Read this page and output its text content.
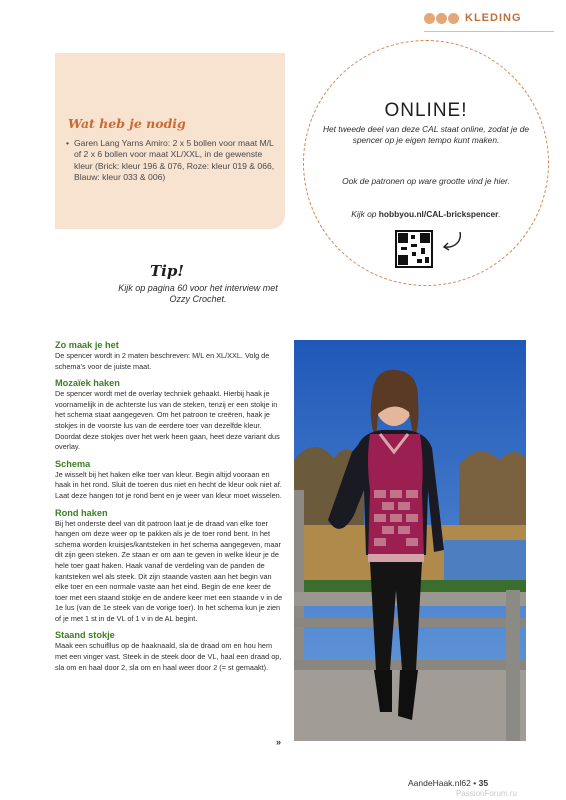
KLEDING
Wat heb je nodig
• Garen Lang Yarns Amiro: 2 x 5 bollen voor maat M/L of 2 x 6 bollen voor maat XL/XXL, in de gewenste kleur (Brick: kleur 196 & 076, Roze: kleur 019 & 066, Blauw: kleur 033 & 006)
ONLINE!
Het tweede deel van deze CAL staat online, zodat je de spencer op je eigen tempo kunt maken.
Ook de patronen op ware grootte vind je hier.
Kijk op hobbyou.nl/CAL-brickspencer.
Tip!
Kijk op pagina 60 voor het interview met Ozzy Crochet.
Zo maak je het
De spencer wordt in 2 maten beschreven: M/L en XL/XXL. Volg de schema's voor de juiste maat.
Mozaïek haken
De spencer wordt met de overlay techniek gehaakt. Hierbij haak je voornamelijk in de achterste lus van de steken, tenzij er een stokje in het schema staat aangegeven. Om het patroon te creëren, haak je stokjes in de voorste lus van de eerdere toer van dezelfde kleur. Doordat deze stokjes over het werk heen gaan, heet deze variant dus overlay.
Schema
Je wisselt bij het haken elke toer van kleur. Begin altijd vooraan en haak in het rond. Sluit de toeren dus niet en hecht de kleur ook niet af. Laat deze hangen tot je rond bent en je weer van kleur moet wisselen.
Rond haken
Bij het onderste deel van dit patroon laat je de draad van elke toer hangen om deze weer op te pakken als je de toer rond bent. In het schema worden kruisjes/kantsteken in het schema aangegeven, maar dit zijn geen steken. Ze staan er om aan te geven in welke kleur je de hele toer gaat haken. Haak vanaf de verdeling van de panden de kantsteken wel als steek. Dit zijn staande vasten aan het begin van elke toer en een normale vaste aan het eind. Begin de ene keer de toer met een staand stokje en de andere keer met een staande v in de 1e lus (van de 1e steek van de vorige toer). In het schema kun je zien of je met 1 st in de VL of 1 v in de AL begint.
Staand stokje
Maak een schuifllus op de haaknaald, sla de draad om en hou hem met een vinger vast. Steek in de steek door de VL, haal een draad op, sla om en haal door 2, sla om en haal weer door 2 (= st gemaakt).
»
AandeHaak.nl62 • 35
PassionForum.ru
